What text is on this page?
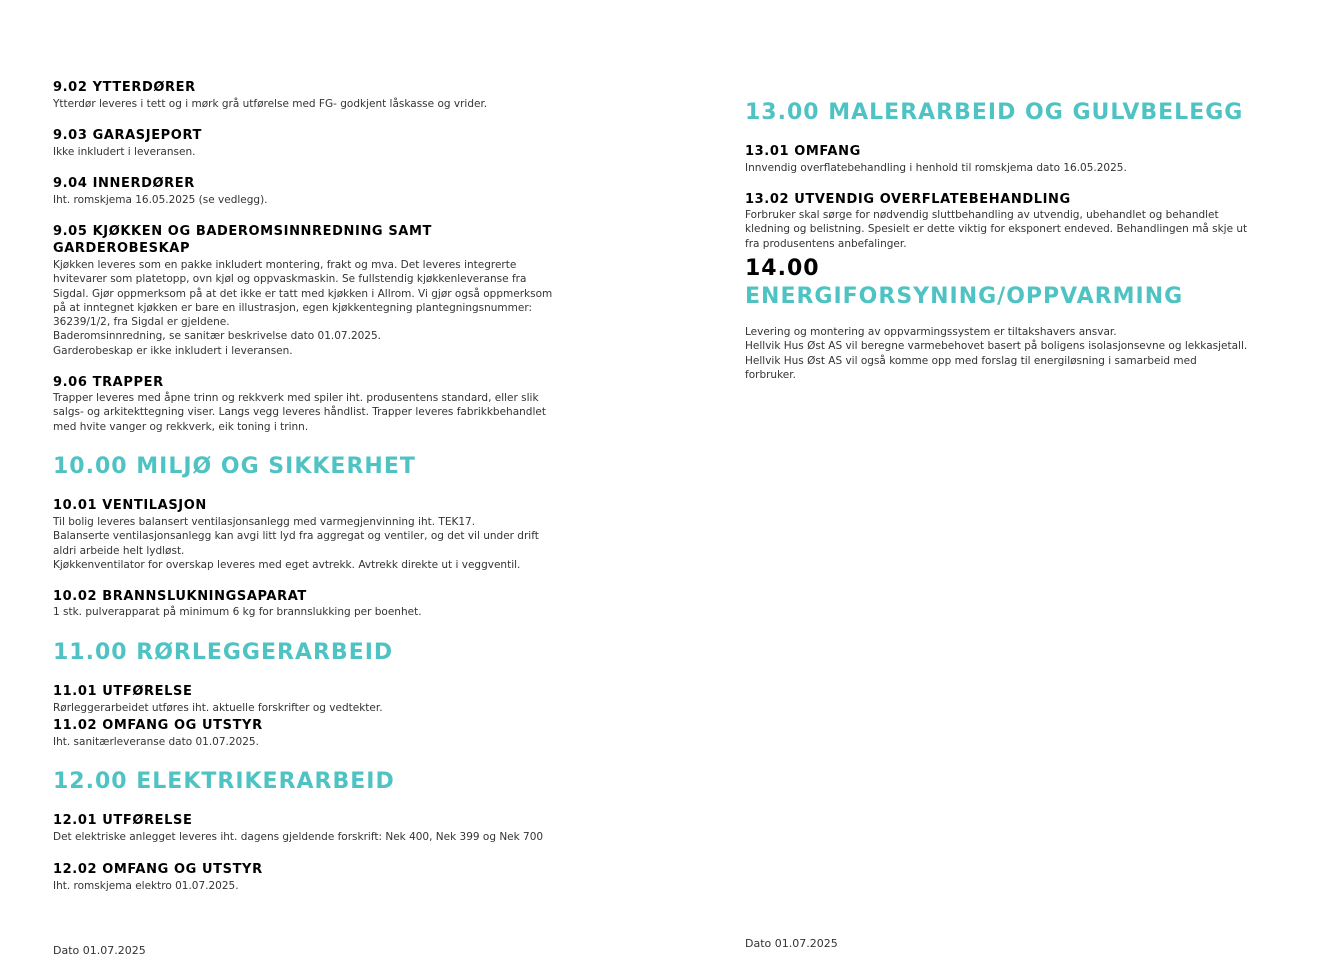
9.02 YTTERDØRER
Ytterdør leveres i tett og i mørk grå utførelse med FG- godkjent låskasse og vrider.
9.03 GARASJEPORT
Ikke inkludert i leveransen.
9.04 INNERDØRER
Iht. romskjema 16.05.2025 (se vedlegg).
9.05 KJØKKEN OG BADEROMSINNREDNING SAMT
GARDEROBESKAP
Kjøkken leveres som en pakke inkludert montering, frakt og mva. Det leveres integrerte
hvitevarer som platetopp, ovn kjøl og oppvaskmaskin. Se fullstendig kjøkkenleveranse fra
Sigdal. Gjør oppmerksom på at det ikke er tatt med kjøkken i Allrom. Vi gjør også oppmerksom
på at inntegnet kjøkken er bare en illustrasjon, egen kjøkkentegning plantegningsnummer:
36239/1/2, fra Sigdal er gjeldene.
Baderomsinnredning, se sanitær beskrivelse dato 01.07.2025.
Garderobeskap er ikke inkludert i leveransen.
9.06 TRAPPER
Trapper leveres med åpne trinn og rekkverk med spiler iht. produsentens standard, eller slik
salgs- og arkitekttegning viser. Langs vegg leveres håndlist. Trapper leveres fabrikkbehandlet
med hvite vanger og rekkverk, eik toning i trinn.
10.00 MILJØ OG SIKKERHET
10.01 VENTILASJON
Til bolig leveres balansert ventilasjonsanlegg med varmegjenvinning iht. TEK17.
Balanserte ventilasjonsanlegg kan avgi litt lyd fra aggregat og ventiler, og det vil under drift
aldri arbeide helt lydløst.
Kjøkkenventilator for overskap leveres med eget avtrekk. Avtrekk direkte ut i veggventil.
10.02 BRANNSLUKNINGSAPARAT
1 stk. pulverapparat på minimum 6 kg for brannslukking per boenhet.
11.00 RØRLEGGERARBEID
11.01 UTFØRELSE
Rørleggerarbeidet utføres iht. aktuelle forskrifter og vedtekter.
11.02 OMFANG OG UTSTYR
Iht. sanitærleveranse dato 01.07.2025.
12.00 ELEKTRIKERARBEID
12.01 UTFØRELSE
Det elektriske anlegget leveres iht. dagens gjeldende forskrift: Nek 400, Nek 399 og Nek 700
12.02 OMFANG OG UTSTYR
Iht. romskjema elektro 01.07.2025.
Dato 01.07.2025
13.00 MALERARBEID OG GULVBELEGG
13.01 OMFANG
Innvendig overflatebehandling i henhold til romskjema dato 16.05.2025.
13.02 UTVENDIG OVERFLATEBEHANDLING
Forbruker skal sørge for nødvendig sluttbehandling av utvendig, ubehandlet og behandlet
kledning og belistning. Spesielt er dette viktig for eksponert endeved. Behandlingen må skje ut
fra produsentens anbefalinger.
14.00
ENERGIFORSYNING/OPPVARMING
Levering og montering av oppvarmingssystem er tiltakshavers ansvar.
Hellvik Hus Øst AS vil beregne varmebehovet basert på boligens isolasjonsevne og lekkasjetall.
Hellvik Hus Øst AS vil også komme opp med forslag til energiløsning i samarbeid med
forbruker.
Dato 01.07.2025
